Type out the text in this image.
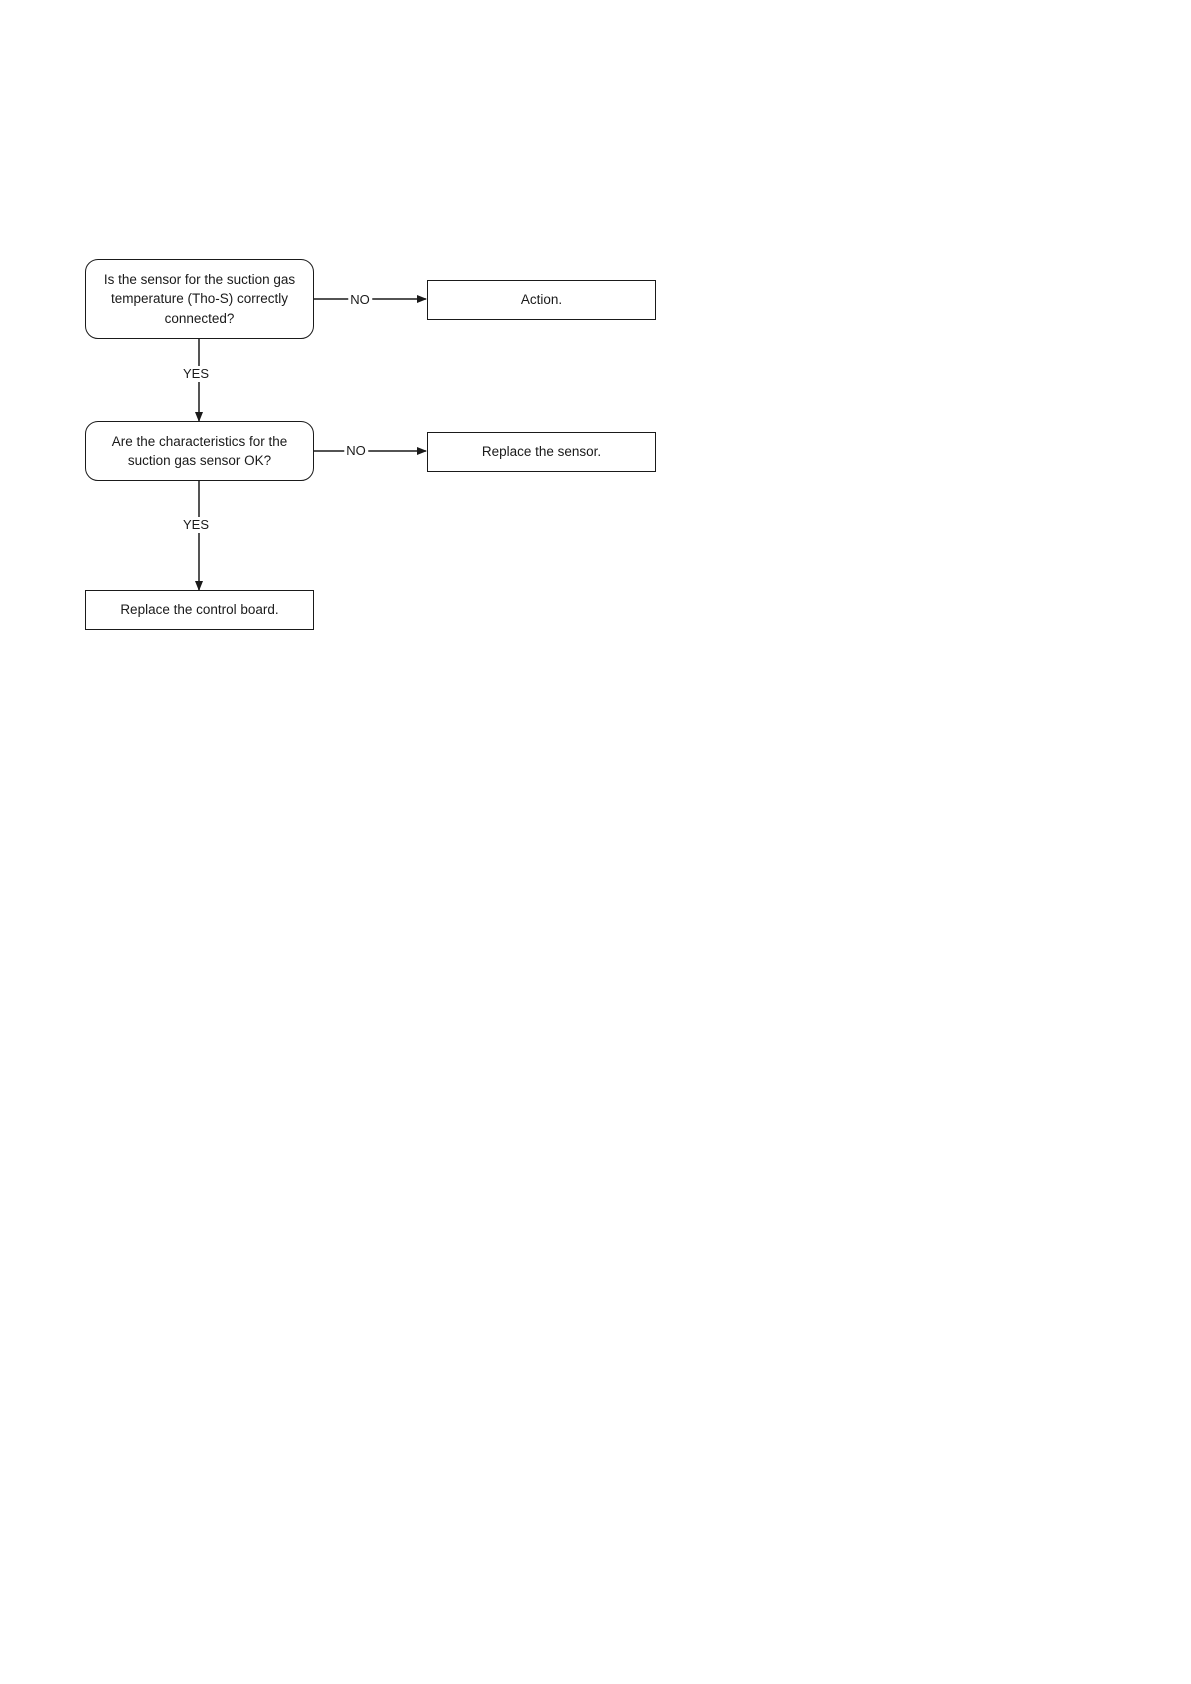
Is the sensor for the suction gas temperature (Tho-S) correctly connected?
Action.
Are the characteristics for the suction gas sensor OK?
Replace the sensor.
Replace the control board.
NO
YES
NO
YES
